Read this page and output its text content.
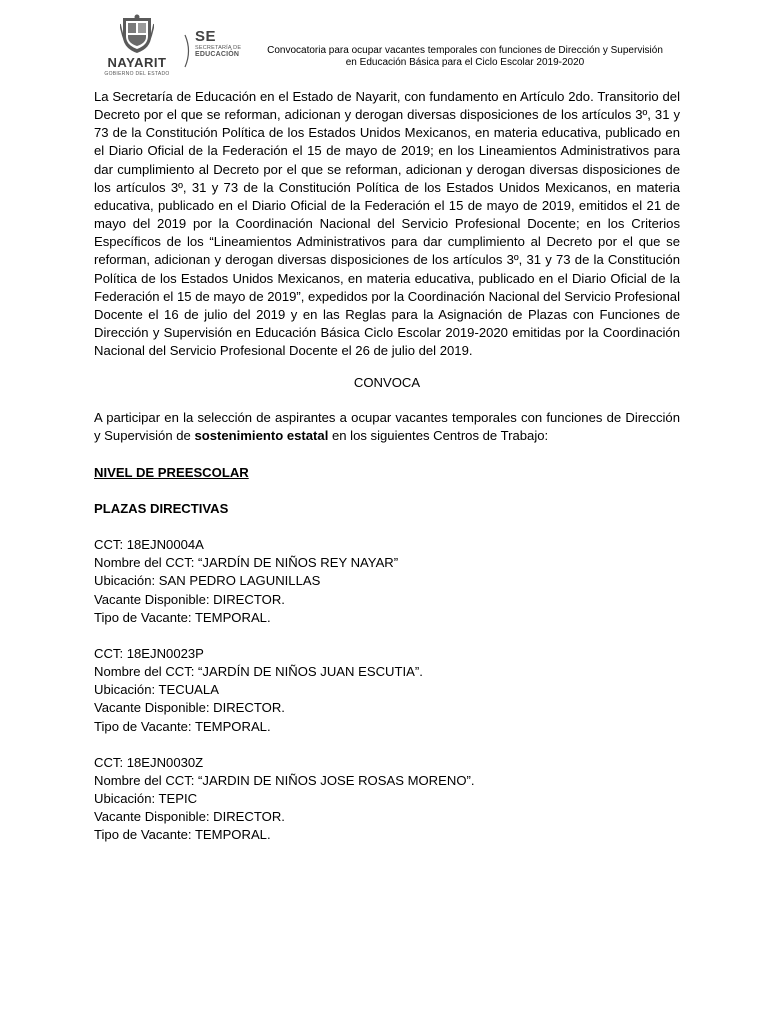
NAYARIT
GOBIERNO DEL ESTADO
SE
SECRETARÍA DE
EDUCACIÓN	Convocatoria para ocupar vacantes temporales con funciones de Dirección y Supervisión
en Educación Básica para el Ciclo Escolar 2019-2020

La Secretaría de Educación en el Estado de Nayarit, con fundamento en Artículo 2do. Transitorio del Decreto por el que se reforman, adicionan y derogan diversas disposiciones de los artículos 3º, 31 y 73 de la Constitución Política de los Estados Unidos Mexicanos, en materia educativa, publicado en el Diario Oficial de la Federación el 15 de mayo de 2019; en los Lineamientos Administrativos para dar cumplimiento al Decreto por el que se reforman, adicionan y derogan diversas disposiciones de los artículos 3º, 31 y 73 de la Constitución Política de los Estados Unidos Mexicanos, en materia educativa, publicado en el Diario Oficial de la Federación el 15 de mayo de 2019, emitidos el 21 de mayo del 2019 por la Coordinación Nacional del Servicio Profesional Docente; en los Criterios Específicos de los “Lineamientos Administrativos para dar cumplimiento al Decreto por el que se reforman, adicionan y derogan diversas disposiciones de los artículos 3º, 31 y 73 de la Constitución Política de los Estados Unidos Mexicanos, en materia educativa, publicado en el Diario Oficial de la Federación el 15 de mayo de 2019”, expedidos por la Coordinación Nacional del Servicio Profesional Docente el 16 de julio del 2019 y en las Reglas para la Asignación de Plazas con Funciones de Dirección y Supervisión en Educación Básica Ciclo Escolar 2019-2020 emitidas por la Coordinación Nacional del Servicio Profesional Docente el 26 de julio del 2019.

CONVOCA

A participar en la selección de aspirantes a ocupar vacantes temporales con funciones de Dirección y Supervisión de sostenimiento estatal en los siguientes Centros de Trabajo:

NIVEL DE PREESCOLAR

PLAZAS DIRECTIVAS

CCT: 18EJN0004A
Nombre del CCT: “JARDÍN DE NIÑOS REY NAYAR”
Ubicación: SAN PEDRO LAGUNILLAS
Vacante Disponible: DIRECTOR.
Tipo de Vacante: TEMPORAL.
CCT: 18EJN0023P
Nombre del CCT: “JARDÍN DE NIÑOS JUAN ESCUTIA”.
Ubicación: TECUALA
Vacante Disponible: DIRECTOR.
Tipo de Vacante: TEMPORAL.
CCT: 18EJN0030Z
Nombre del CCT: “JARDIN DE NIÑOS JOSE ROSAS MORENO”.
Ubicación: TEPIC
Vacante Disponible: DIRECTOR.
Tipo de Vacante: TEMPORAL.
